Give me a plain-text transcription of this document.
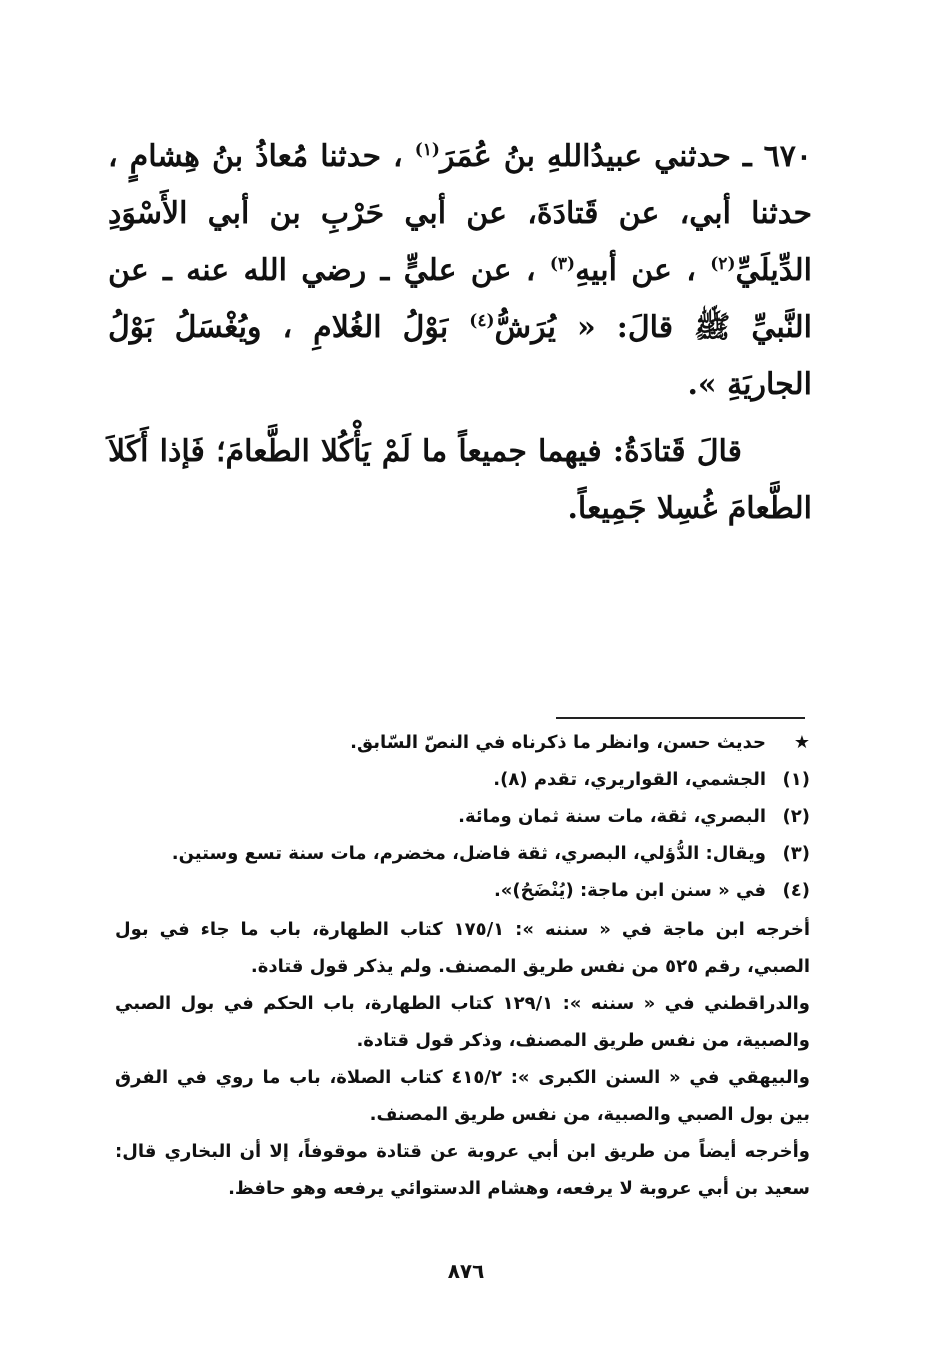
٦٧٠ ـ حدثني عبيدُاللهِ بنُ عُمَرَ$^{(١)}$ ، حدثنا مُعاذُ بنُ هِشامٍ ، حدثنا أبي، عن قَتادَةَ، عن أبي حَرْبِ بن أبي الأَسْوَدِ الدِّيلَيِّ$^{(٢)}$ ، عن أبيهِ$^{(٣)}$ ، عن عليٍّ ـ رضي الله عنه ـ عن النَّبيِّ ﷺ قالَ: « يُرَشُّ$^{(٤)}$ بَوْلُ الغُلامِ ، ويُغْسَلُ بَوْلُ الجاريَةِ ».

قالَ قَتادَةُ: فيهما جميعاً ما لَمْ يَأْكُلا الطَّعامَ؛ فَإذا أَكَلاَ الطَّعامَ غُسِلا جَمِيعاً.

★
حديث حسن، وانظر ما ذكرناه في النصّ السّابق.
(١)
الجشمي، القواريري، تقدم (٨).
(٢)
البصري، ثقة، مات سنة ثمان ومائة.
(٣)
ويقال: الدُّؤلي، البصري، ثقة فاضل، مخضرم، مات سنة تسع وستين.
(٤)
في « سنن ابن ماجة: (يُنْضَحُ)».

أخرجه ابن ماجة في « سننه »: ١٧٥/١ كتاب الطهارة، باب ما جاء في بول الصبي، رقم ٥٢٥ من نفس طريق المصنف. ولم يذكر قول قتادة.

والدراقطني في « سننه »: ١٢٩/١ كتاب الطهارة، باب الحكم في بول الصبي والصبية، من نفس طريق المصنف، وذكر قول قتادة.

والبيهقي في « السنن الكبرى »: ٤١٥/٢ كتاب الصلاة، باب ما روي في الفرق بين بول الصبي والصبية، من نفس طريق المصنف.

وأخرجه أيضاً من طريق ابن أبي عروبة عن قتادة موقوفاً، إلا أن البخاري قال: سعيد بن أبي عروبة لا يرفعه، وهشام الدستوائي يرفعه وهو حافظ.

٨٧٦
